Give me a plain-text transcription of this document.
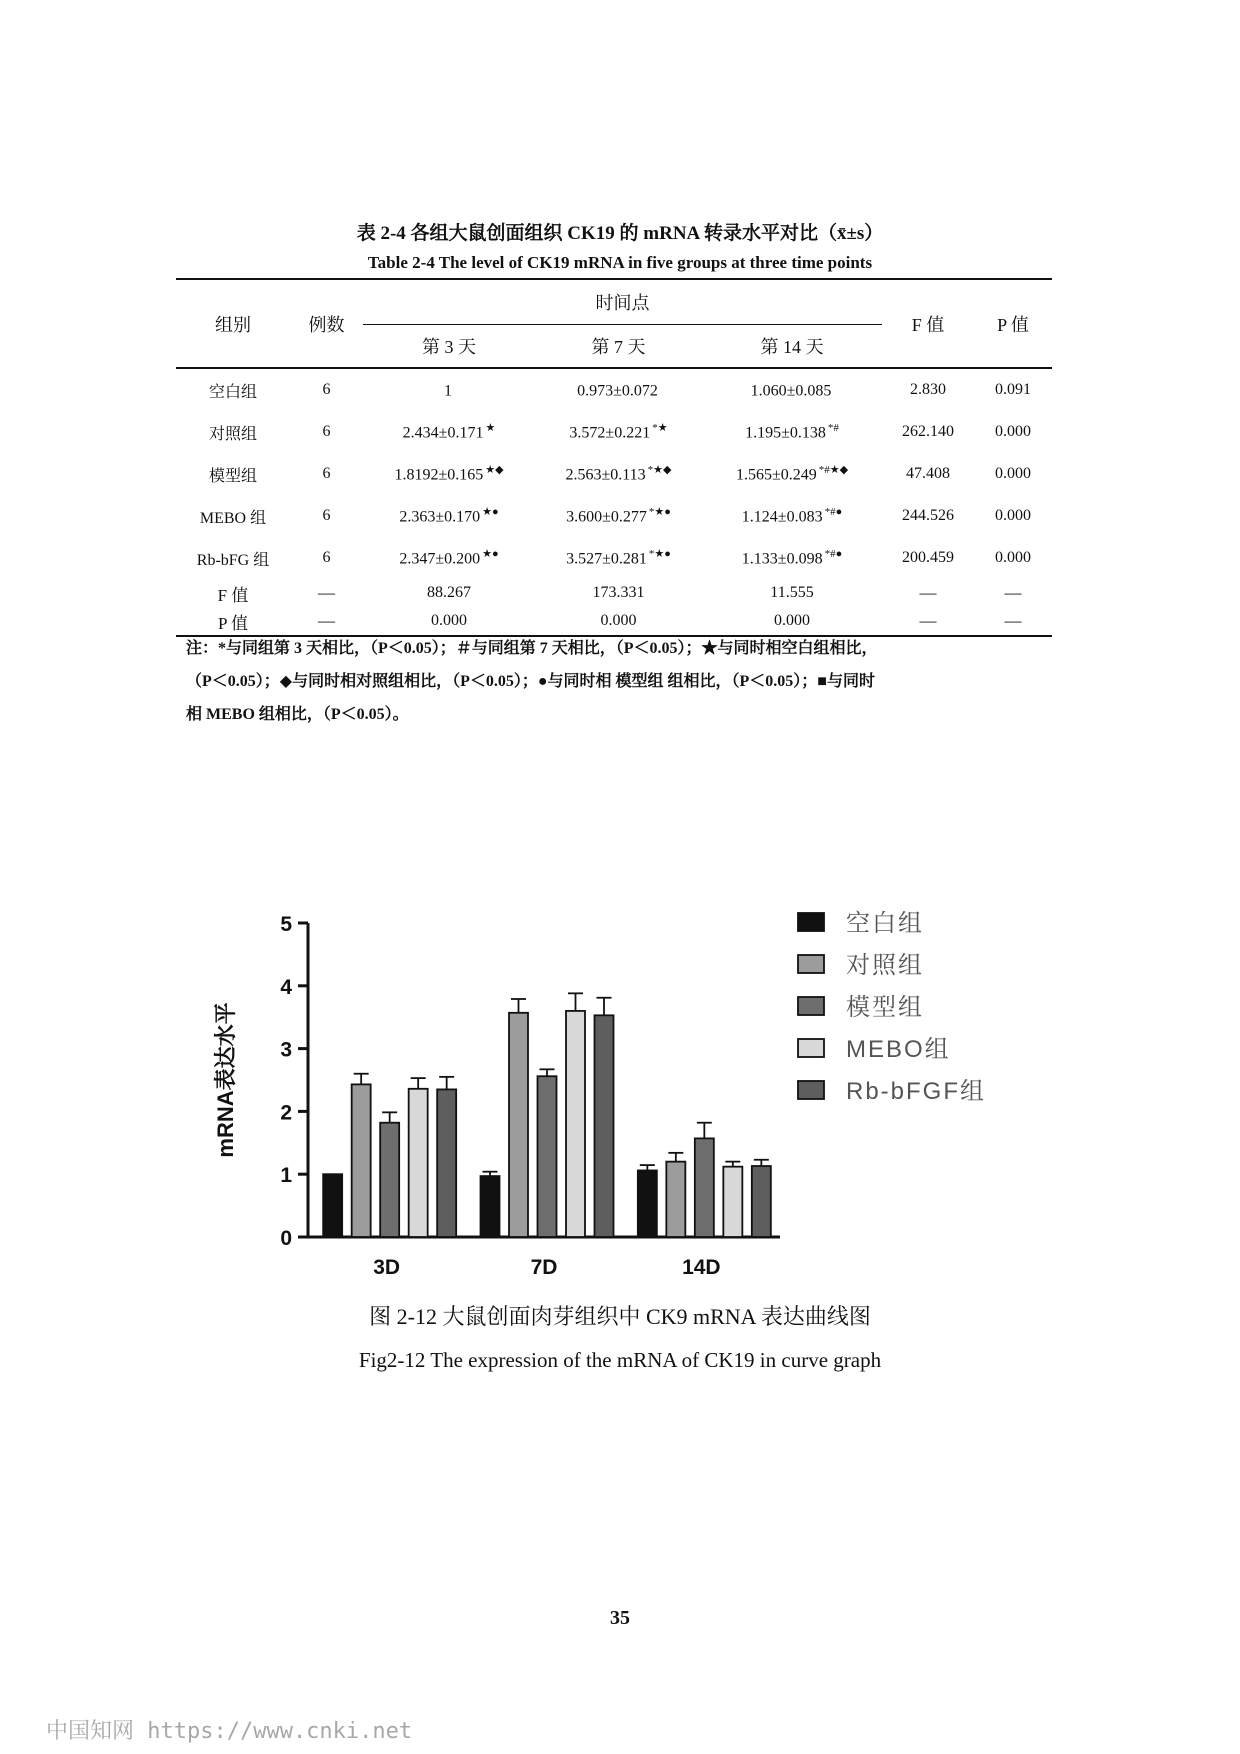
表 2-4 各组大鼠创面组织 CK19 的 mRNA 转录水平对比（x̄±s）
Table 2-4 The level of CK19 mRNA in five groups at three time points
组别	例数	时间点			F 值	P 值
		第 3 天	第 7 天	第 14 天		
空白组	6	1	0.973±0.072	1.060±0.085	2.830	0.091
对照组	6	2.434±0.171 ★	3.572±0.221 *★	1.195±0.138 *#	262.140	0.000
模型组	6	1.8192±0.165 ★◆	2.563±0.113 *★◆	1.565±0.249 *#★◆	47.408	0.000
MEBO 组	6	2.363±0.170 ★●	3.600±0.277 *★●	1.124±0.083 *#●	244.526	0.000
Rb-bFG 组	6	2.347±0.200 ★●	3.527±0.281 *★●	1.133±0.098 *#●	200.459	0.000
F 值	—	88.267	173.331	11.555	—	—
P 值	—	0.000	0.000	0.000	—	—
注：*与同组第 3 天相比，（P＜0.05）；＃与同组第 7 天相比，（P＜0.05）；★与同时相空白组相比，
（P＜0.05）；◆与同时相对照组相比，（P＜0.05）；●与同时相 模型组 组相比，（P＜0.05）；■与同时
相 MEBO 组相比，（P＜0.05）。
0
1
2
3
4
5
mRNA表达水平
3D	7D	14D
空白组
对照组
模型组
MEBO组
Rb-bFGF组
图 2-12 大鼠创面肉芽组织中 CK9 mRNA 表达曲线图
Fig2-12 The expression of the mRNA of CK19 in curve graph
35
中国知网 https://www.cnki.net
